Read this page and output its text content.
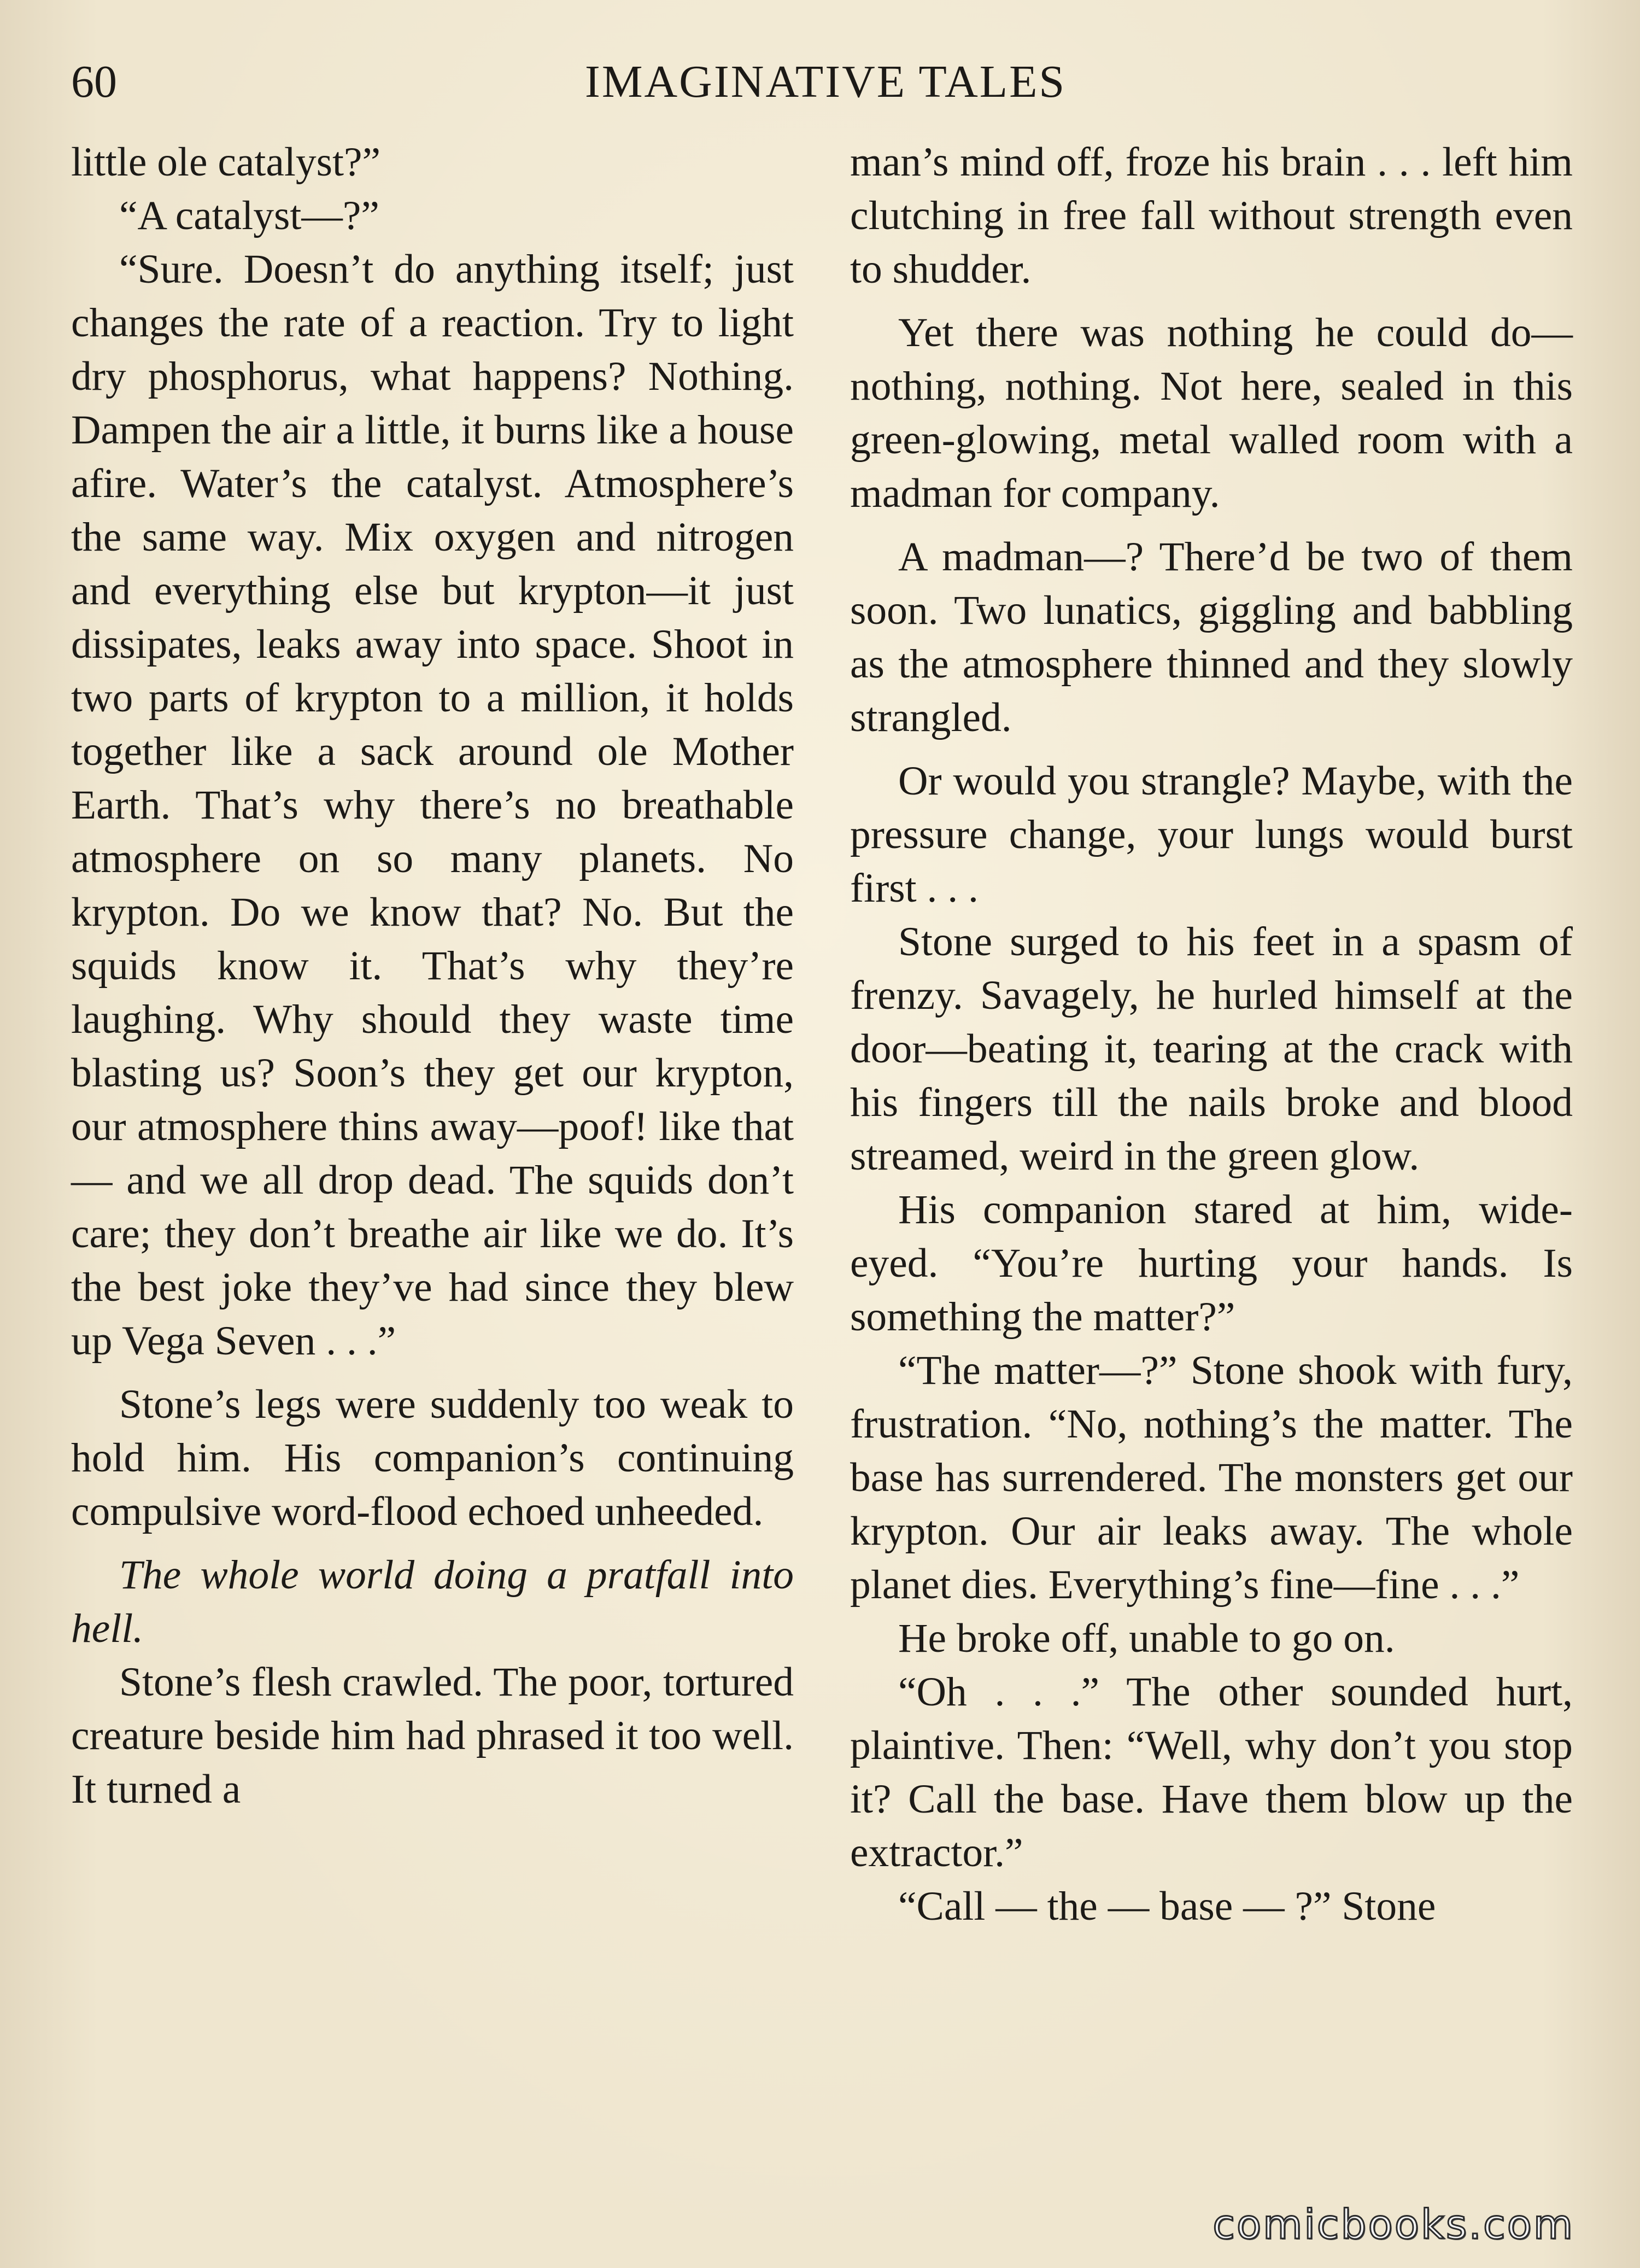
60	IMAGINATIVE TALES

little ole catalyst?”

“A catalyst—?”

“Sure. Doesn’t do anything itself; just changes the rate of a reaction. Try to light dry phosphorus, what happens? Nothing. Dampen the air a little, it burns like a house afire. Water’s the catalyst. Atmosphere’s the same way. Mix oxygen and nitrogen and everything else but krypton—it just dissipates, leaks away into space. Shoot in two parts of krypton to a million, it holds together like a sack around ole Mother Earth. That’s why there’s no breathable atmosphere on so many planets. No krypton. Do we know that? No. But the squids know it. That’s why they’re laughing. Why should they waste time blasting us? Soon’s they get our krypton, our atmosphere thins away—poof! like that— and we all drop dead. The squids don’t care; they don’t breathe air like we do. It’s the best joke they’ve had since they blew up Vega Seven . . .”

Stone’s legs were suddenly too weak to hold him. His companion’s continuing compulsive word-flood echoed unheeded.

The whole world doing a pratfall into hell.

Stone’s flesh crawled. The poor, tortured creature beside him had phrased it too well. It turned a

man’s mind off, froze his brain . . . left him clutching in free fall without strength even to shudder.

Yet there was nothing he could do—nothing, nothing. Not here, sealed in this green-glowing, metal walled room with a madman for company.

A madman—? There’d be two of them soon. Two lunatics, giggling and babbling as the atmosphere thinned and they slowly strangled.

Or would you strangle? Maybe, with the pressure change, your lungs would burst first . . .

Stone surged to his feet in a spasm of frenzy. Savagely, he hurled himself at the door—beating it, tearing at the crack with his fingers till the nails broke and blood streamed, weird in the green glow.

His companion stared at him, wide-eyed. “You’re hurting your hands. Is something the matter?”

“The matter—?” Stone shook with fury, frustration. “No, nothing’s the matter. The base has surrendered. The monsters get our krypton. Our air leaks away. The whole planet dies. Everything’s fine—fine . . .”

He broke off, unable to go on.

“Oh . . .” The other sounded hurt, plaintive. Then: “Well, why don’t you stop it? Call the base. Have them blow up the extractor.”

“Call — the — base — ?” Stone

comicbooks.com
